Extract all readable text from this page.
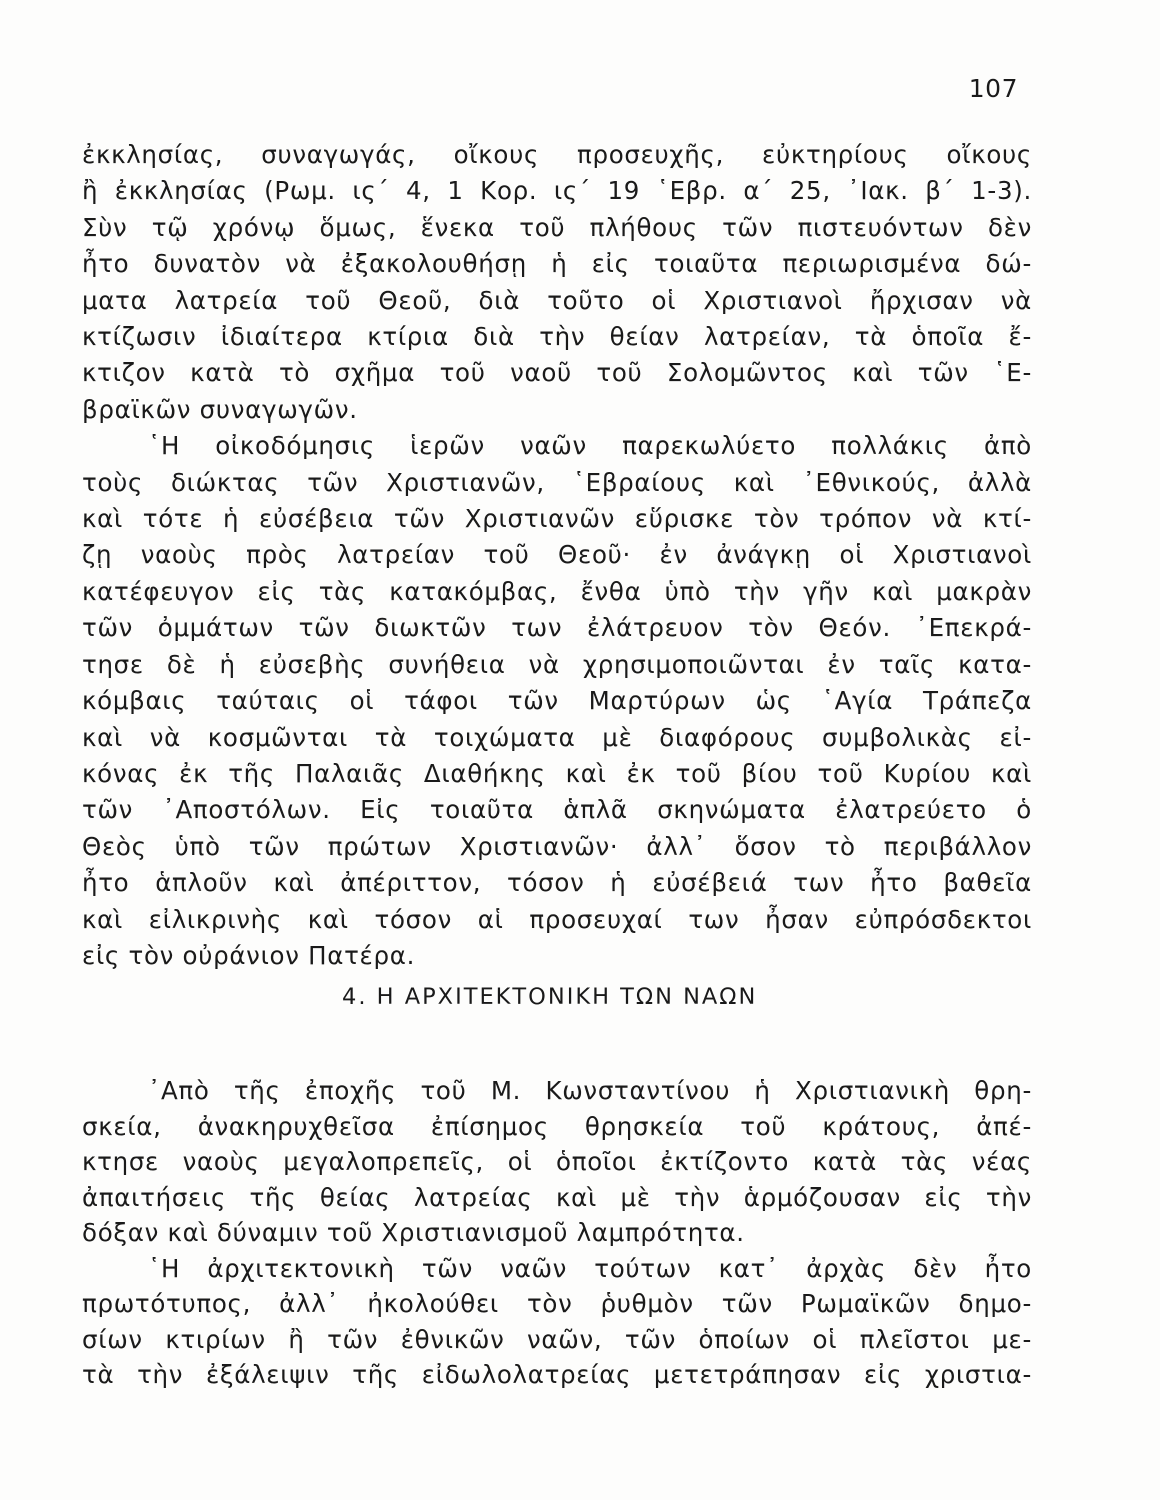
107
ἐκκλησίας, συναγωγάς, οἴκους προσευχῆς, εὐκτηρίους οἴκους
ἢ ἐκκλησίας (Ρωμ. ις΄ 4, 1 Κορ. ις΄ 19 ῾Εβρ. α΄ 25, ᾿Ιακ. β΄ 1-3).
Σὺν τῷ χρόνῳ ὅμως, ἕνεκα τοῦ πλήθους τῶν πιστευόντων δὲν
ἦτο δυνατὸν νὰ ἐξακολουθήσῃ ἡ εἰς τοιαῦτα περιωρισμένα δώ-
ματα λατρεία τοῦ Θεοῦ, διὰ τοῦτο οἱ Χριστιανοὶ ἤρχισαν νὰ
κτίζωσιν ἰδιαίτερα κτίρια διὰ τὴν θείαν λατρείαν, τὰ ὁποῖα ἔ-
κτιζον κατὰ τὸ σχῆμα τοῦ ναοῦ τοῦ Σολομῶντος καὶ τῶν ῾Ε-
βραϊκῶν συναγωγῶν.
῾Η οἰκοδόμησις ἱερῶν ναῶν παρεκωλύετο πολλάκις ἀπὸ
τοὺς διώκτας τῶν Χριστιανῶν, ῾Εβραίους καὶ ᾿Εθνικούς, ἀλλὰ
καὶ τότε ἡ εὐσέβεια τῶν Χριστιανῶν εὕρισκε τὸν τρόπον νὰ κτί-
ζῃ ναοὺς πρὸς λατρείαν τοῦ Θεοῦ· ἐν ἀνάγκῃ οἱ Χριστιανοὶ
κατέφευγον εἰς τὰς κατακόμβας, ἔνθα ὑπὸ τὴν γῆν καὶ μακρὰν
τῶν ὀμμάτων τῶν διωκτῶν των ἐλάτρευον τὸν Θεόν. ᾿Επεκρά-
τησε δὲ ἡ εὐσεβὴς συνήθεια νὰ χρησιμοποιῶνται ἐν ταῖς κατα-
κόμβαις ταύταις οἱ τάφοι τῶν Μαρτύρων ὡς ῾Αγία Τράπεζα
καὶ νὰ κοσμῶνται τὰ τοιχώματα μὲ διαφόρους συμβολικὰς εἰ-
κόνας ἐκ τῆς Παλαιᾶς Διαθήκης καὶ ἐκ τοῦ βίου τοῦ Κυρίου καὶ
τῶν ᾿Αποστόλων. Εἰς τοιαῦτα ἁπλᾶ σκηνώματα ἐλατρεύετο ὁ
Θεὸς ὑπὸ τῶν πρώτων Χριστιανῶν· ἀλλ᾿ ὅσον τὸ περιβάλλον
ἦτο ἁπλοῦν καὶ ἀπέριττον, τόσον ἡ εὐσέβειά των ἦτο βαθεῖα
καὶ εἰλικρινὴς καὶ τόσον αἱ προσευχαί των ἦσαν εὐπρόσδεκτοι
εἰς τὸν οὐράνιον Πατέρα.
4. Η ΑΡΧΙΤΕΚΤΟΝΙΚΗ ΤΩΝ ΝΑΩΝ
᾿Απὸ τῆς ἐποχῆς τοῦ Μ. Κωνσταντίνου ἡ Χριστιανικὴ θρη-
σκεία, ἀνακηρυχθεῖσα ἐπίσημος θρησκεία τοῦ κράτους, ἀπέ-
κτησε ναοὺς μεγαλοπρεπεῖς, οἱ ὁποῖοι ἐκτίζοντο κατὰ τὰς νέας
ἀπαιτήσεις τῆς θείας λατρείας καὶ μὲ τὴν ἁρμόζουσαν εἰς τὴν
δόξαν καὶ δύναμιν τοῦ Χριστιανισμοῦ λαμπρότητα.
῾Η ἀρχιτεκτονικὴ τῶν ναῶν τούτων κατ᾿ ἀρχὰς δὲν ἦτο
πρωτότυπος, ἀλλ᾿ ἠκολούθει τὸν ῥυθμὸν τῶν Ρωμαϊκῶν δημο-
σίων κτιρίων ἢ τῶν ἐθνικῶν ναῶν, τῶν ὁποίων οἱ πλεῖστοι με-
τὰ τὴν ἐξάλειψιν τῆς εἰδωλολατρείας μετετράπησαν εἰς χριστια-
